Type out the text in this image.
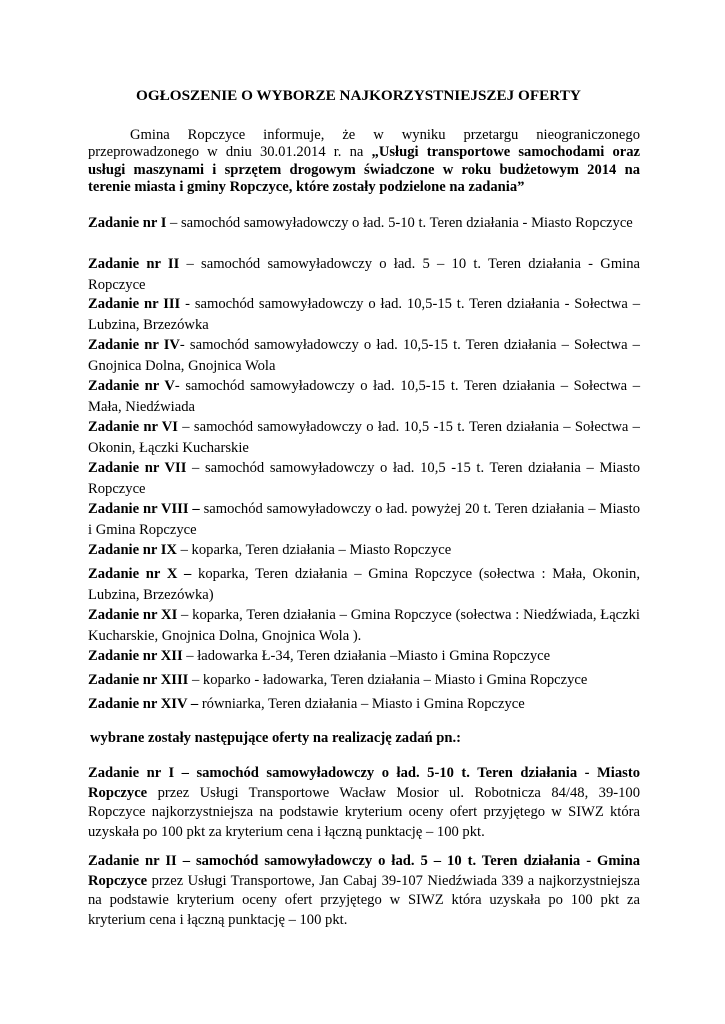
OGŁOSZENIE O WYBORZE NAJKORZYSTNIEJSZEJ OFERTY
Gmina Ropczyce informuje, że w wyniku przetargu nieograniczonego przeprowadzonego w dniu 30.01.2014 r. na „Usługi transportowe samochodami oraz usługi maszynami i sprzętem drogowym świadczone w roku budżetowym 2014 na terenie miasta i gminy Ropczyce, które zostały podzielone na zadania”
Zadanie nr I – samochód samowyładowczy o ład. 5-10 t. Teren działania - Miasto Ropczyce
Zadanie nr II – samochód samowyładowczy o ład. 5 – 10 t. Teren działania - Gmina Ropczyce
Zadanie nr III - samochód samowyładowczy o ład. 10,5-15 t. Teren działania - Sołectwa – Lubzina, Brzezówka
Zadanie nr IV- samochód samowyładowczy o ład. 10,5-15 t. Teren działania – Sołectwa – Gnojnica Dolna, Gnojnica Wola
Zadanie nr V- samochód samowyładowczy o ład. 10,5-15 t. Teren działania – Sołectwa – Mała, Niedźwiada
Zadanie nr VI – samochód samowyładowczy o ład. 10,5 -15 t. Teren działania – Sołectwa – Okonin, Łączki Kucharskie
Zadanie nr VII – samochód samowyładowczy o ład. 10,5 -15 t. Teren działania – Miasto Ropczyce
Zadanie nr VIII – samochód samowyładowczy o ład. powyżej 20 t. Teren działania – Miasto i Gmina Ropczyce
Zadanie nr IX – koparka, Teren działania – Miasto Ropczyce
Zadanie nr X – koparka, Teren działania – Gmina Ropczyce (sołectwa : Mała, Okonin, Lubzina, Brzezówka)
Zadanie nr XI – koparka, Teren działania – Gmina Ropczyce (sołectwa : Niedźwiada, Łączki Kucharskie, Gnojnica Dolna, Gnojnica Wola ).
Zadanie nr XII – ładowarka Ł-34, Teren działania –Miasto i Gmina Ropczyce
Zadanie nr XIII – koparko - ładowarka, Teren działania – Miasto i Gmina Ropczyce
Zadanie nr XIV – równiarka, Teren działania – Miasto i Gmina Ropczyce
wybrane zostały następujące oferty na realizację zadań pn.:
Zadanie nr I – samochód samowyładowczy o ład. 5-10 t. Teren działania - Miasto Ropczyce przez Usługi Transportowe Wacław Mosior ul. Robotnicza 84/48, 39-100 Ropczyce najkorzystniejsza na podstawie kryterium oceny ofert przyjętego w SIWZ która uzyskała po 100 pkt za kryterium cena i łączną punktację – 100 pkt.
Zadanie nr II – samochód samowyładowczy o ład. 5 – 10 t. Teren działania - Gmina Ropczyce przez Usługi Transportowe, Jan Cabaj 39-107 Niedźwiada 339 a najkorzystniejsza na podstawie kryterium oceny ofert przyjętego w SIWZ która uzyskała po 100 pkt za kryterium cena i łączną punktację – 100 pkt.
